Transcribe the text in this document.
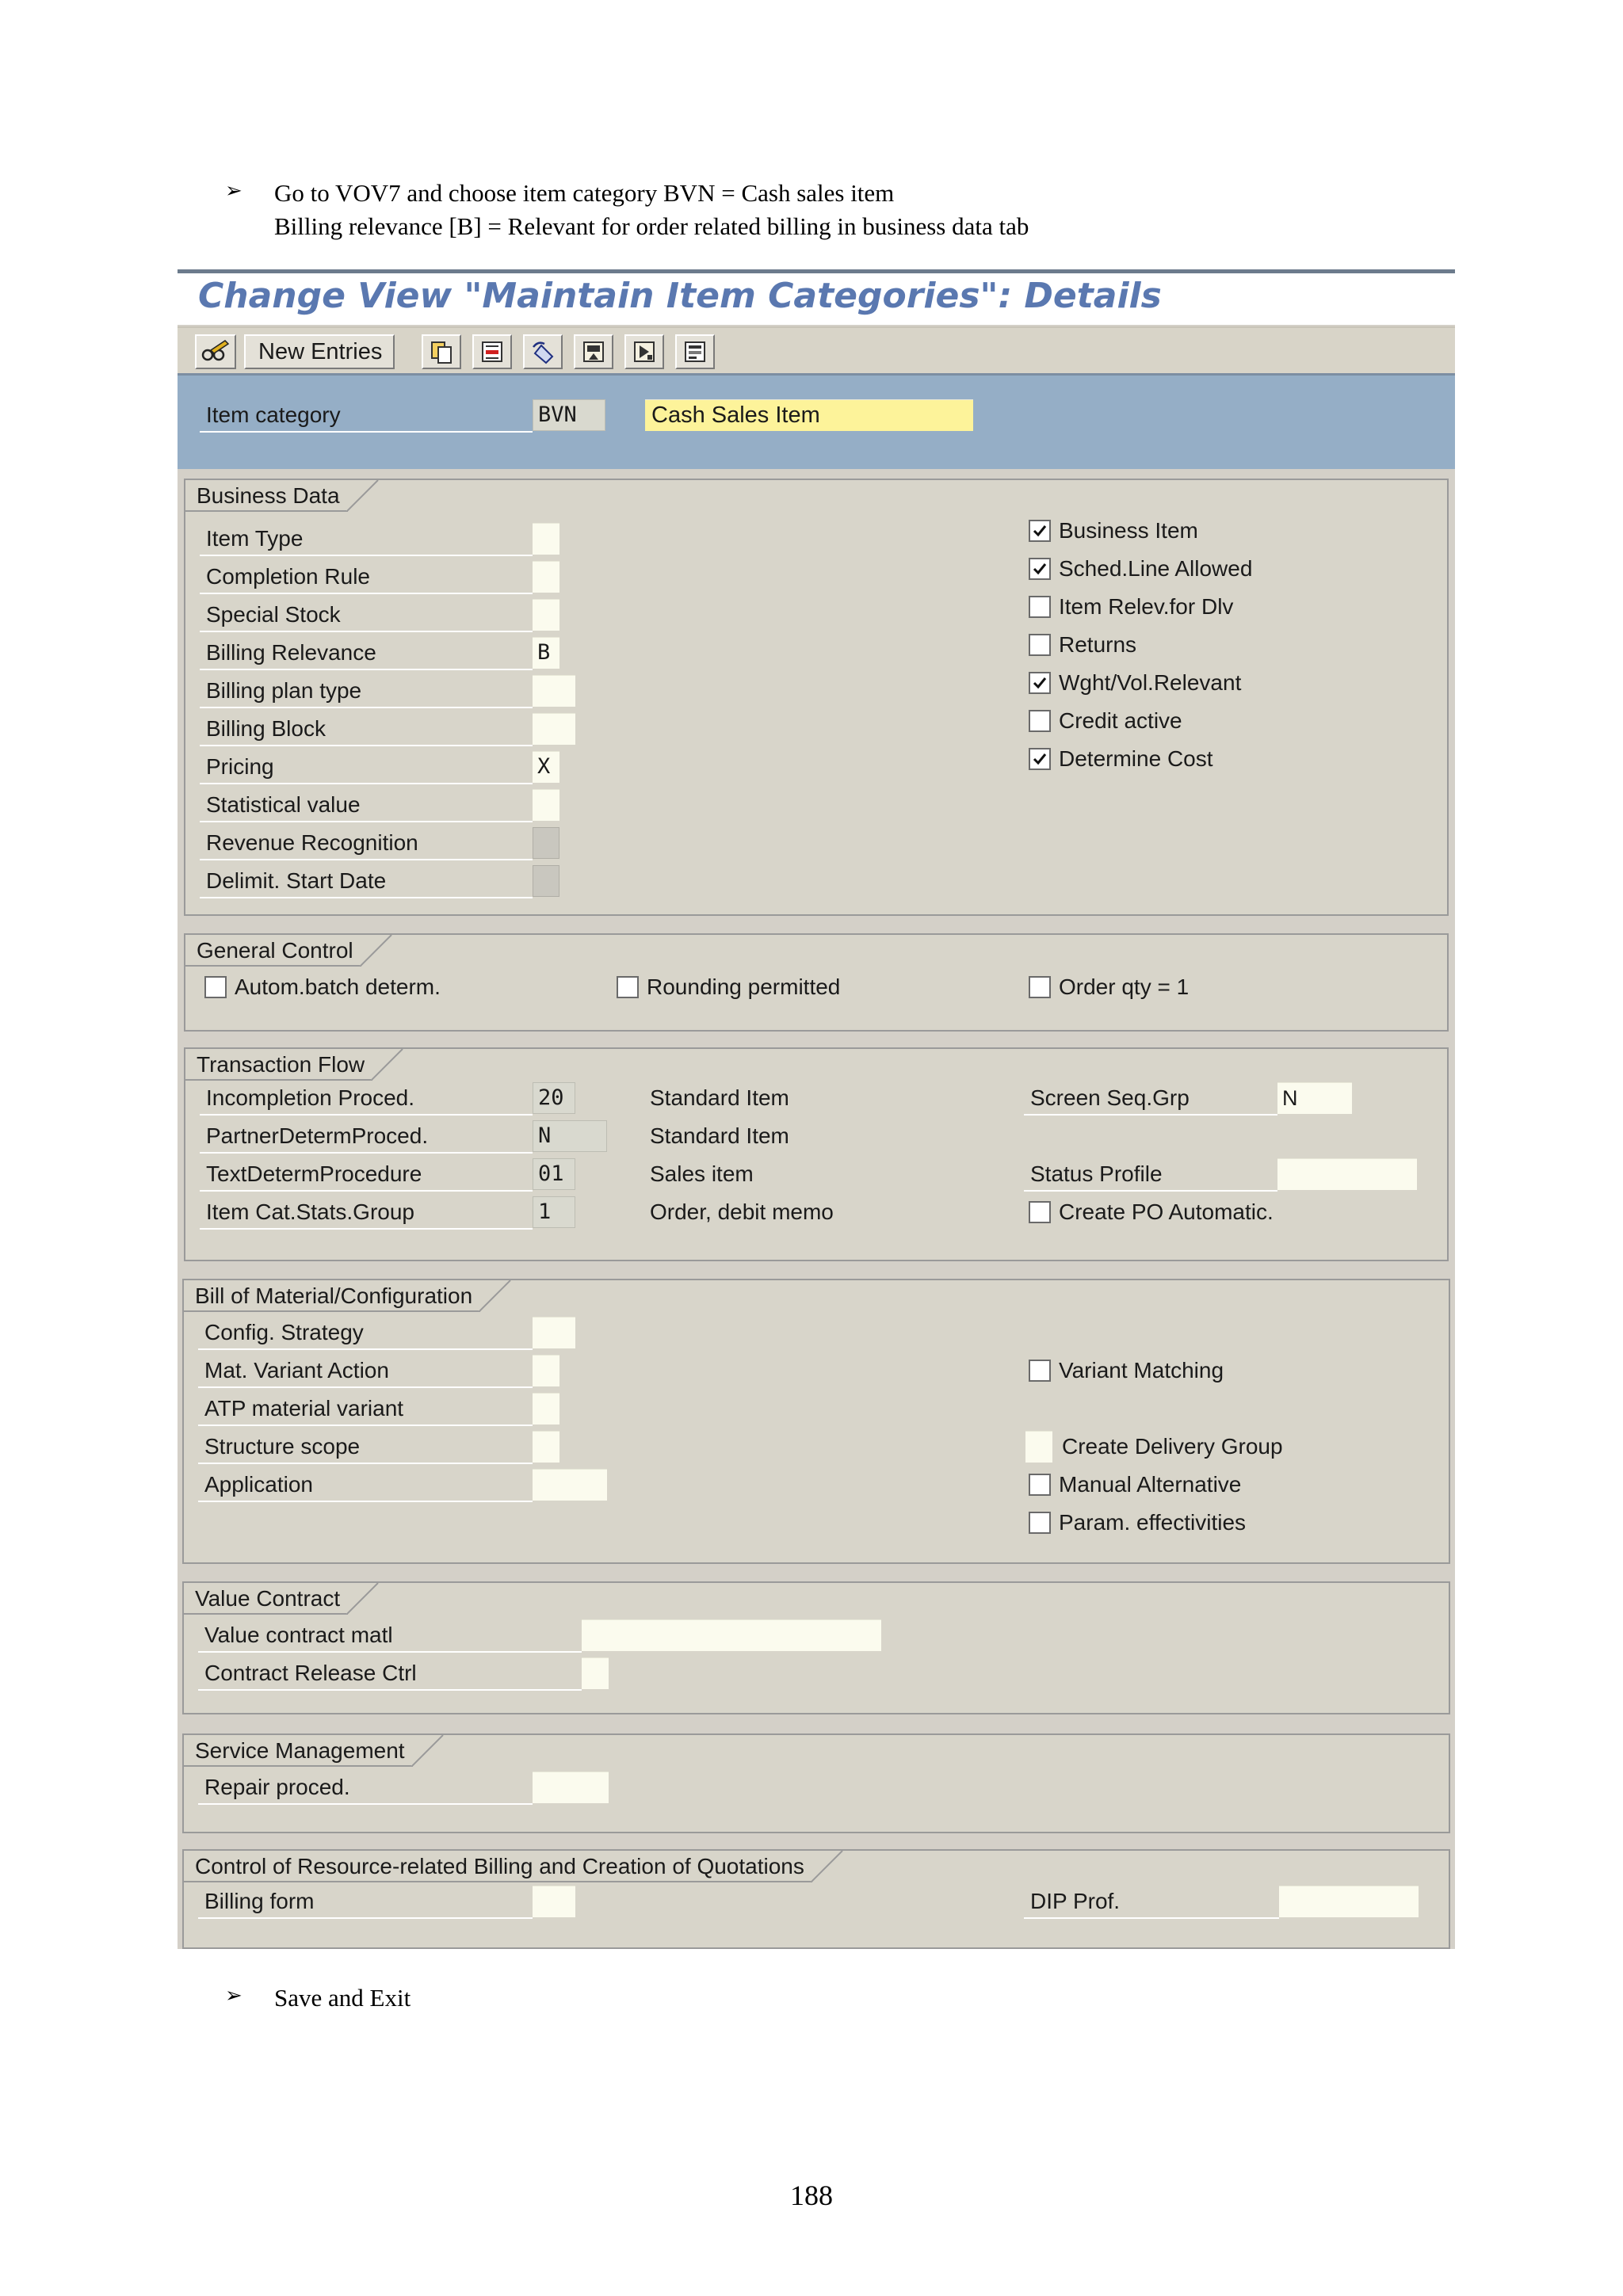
➢ Go to VOV7 and choose item category BVN = Cash sales item
Billing relevance [B] = Relevant for order related billing in business data tab
Change View "Maintain Item Categories": Details
New Entries
Item category	BVN	Cash Sales Item
Business Data
Item Type
Completion Rule
Special Stock
Billing Relevance	B
Billing plan type
Billing Block
Pricing	X
Statistical value
Revenue Recognition
Delimit. Start Date
Business Item
Sched.Line Allowed
Item Relev.for Dlv
Returns
Wght/Vol.Relevant
Credit active
Determine Cost
General Control
Autom.batch determ.	Rounding permitted	Order qty = 1
Transaction Flow
Incompletion Proced.	20	Standard Item
PartnerDetermProced.	N	Standard Item
TextDetermProcedure	01	Sales item
Item Cat.Stats.Group	1	Order, debit memo
Screen Seq.Grp	N
Status Profile
Create PO Automatic.
Bill of Material/Configuration
Config. Strategy
Mat. Variant Action
ATP material variant
Structure scope
Application
Variant Matching
Create Delivery Group
Manual Alternative
Param. effectivities
Value Contract
Value contract matl
Contract Release Ctrl
Service Management
Repair proced.
Control of Resource-related Billing and Creation of Quotations
Billing form	DIP Prof.
➢ Save and Exit
188
